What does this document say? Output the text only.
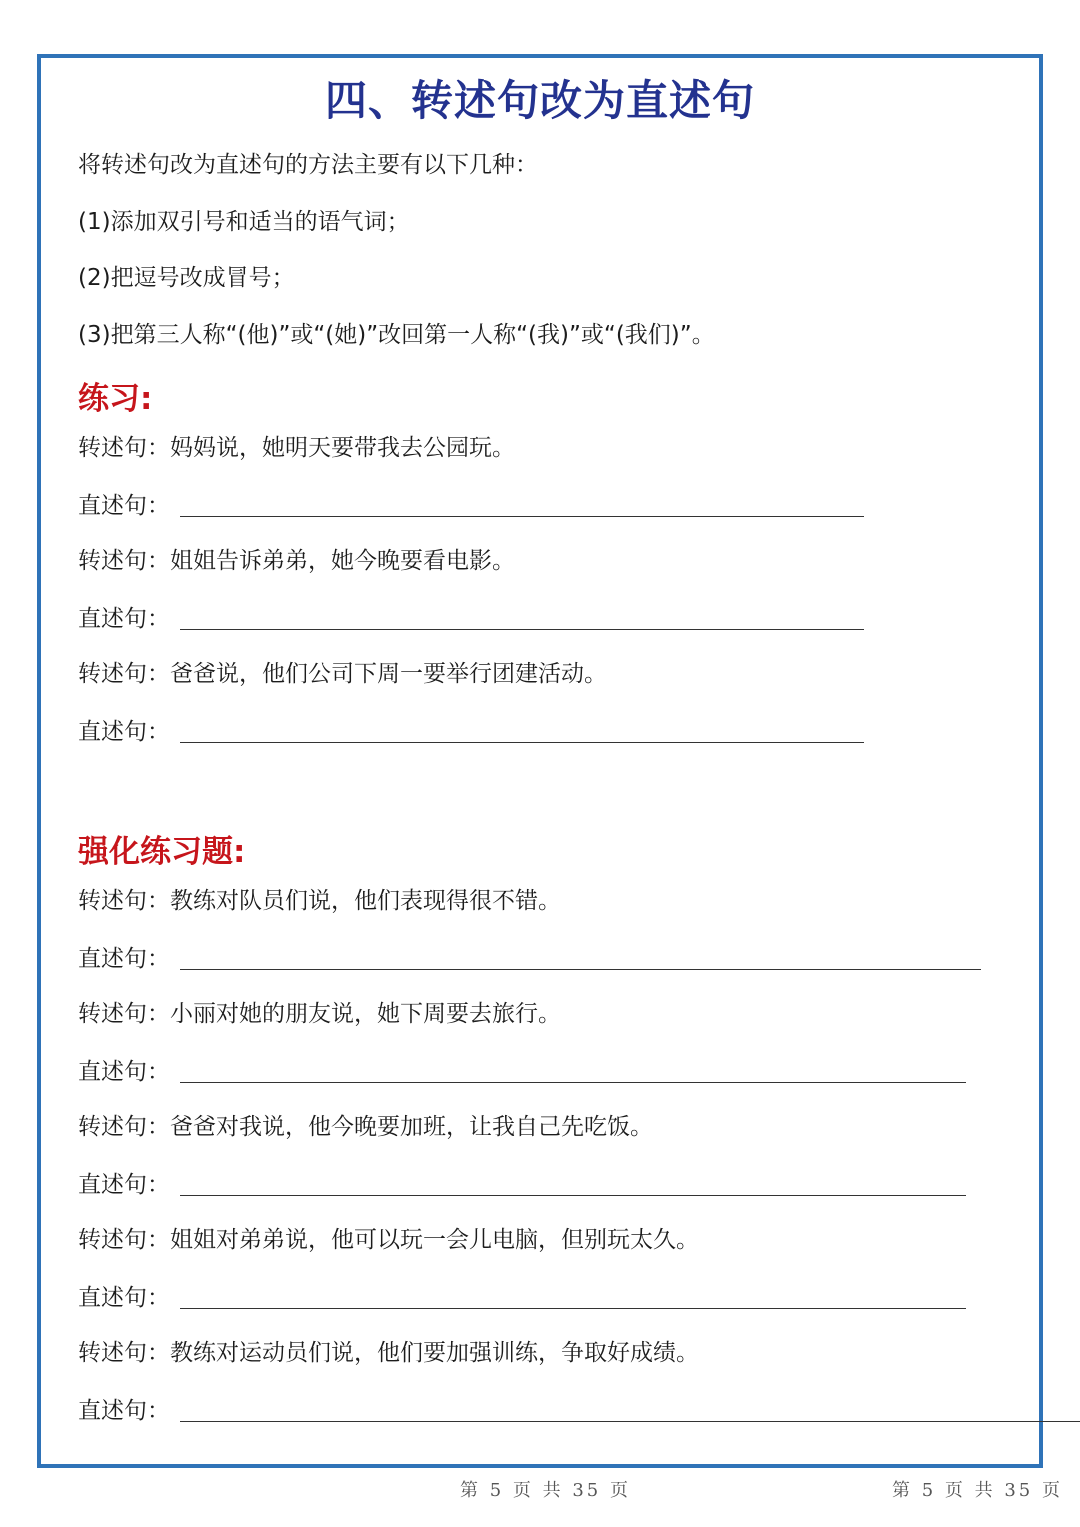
四、转述句改为直述句
将转述句改为直述句的方法主要有以下几种：
(1)添加双引号和适当的语气词；
(2)把逗号改成冒号；
(3)把第三人称“(他)”或“(她)”改回第一人称“(我)”或“(我们)”。
练习:
转述句：妈妈说，她明天要带我去公园玩。
直述句：
转述句：姐姐告诉弟弟，她今晚要看电影。
直述句：
转述句：爸爸说，他们公司下周一要举行团建活动。
直述句：
强化练习题:
转述句：教练对队员们说，他们表现得很不错。
直述句：
转述句：小丽对她的朋友说，她下周要去旅行。
直述句：
转述句：爸爸对我说，他今晚要加班，让我自己先吃饭。
直述句：
转述句：姐姐对弟弟说，他可以玩一会儿电脑，但别玩太久。
直述句：
转述句：教练对运动员们说，他们要加强训练，争取好成绩。
直述句：
第 5 页 共 35 页	第 5 页 共 35 页
